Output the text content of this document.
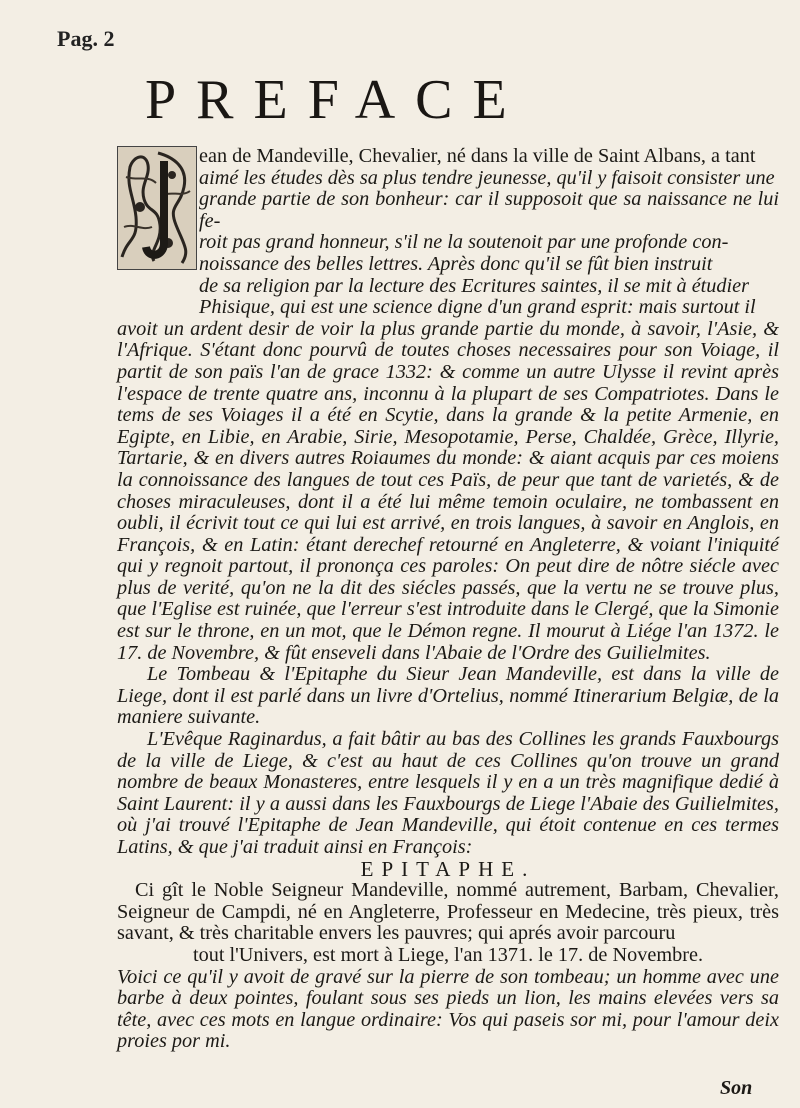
Pag. 2
PREFACE

ean de Mandeville, Chevalier, né dans la ville de Saint Albans, a tant

aimé les études dès sa plus tendre jeunesse, qu'il y faisoit consister une

grande partie de son bonheur: car il supposoit que sa naissance ne lui fe-

roit pas grand honneur, s'il ne la soutenoit par une profonde con-

noissance des belles lettres. Après donc qu'il se fût bien instruit

de sa religion par la lecture des Ecritures saintes, il se mit à étudier

Phisique, qui est une science digne d'un grand esprit: mais surtout il

avoit un ardent desir de voir la plus grande partie du monde, à savoir, l'Asie, & l'Afrique. S'étant donc pourvû de toutes choses necessaires pour son Voiage, il partit de son païs l'an de grace 1332: & comme un autre Ulysse il revint après l'espace de trente quatre ans, inconnu à la plupart de ses Compatriotes. Dans le tems de ses Voiages il a été en Scytie, dans la grande & la petite Armenie, en Egipte, en Libie, en Arabie, Sirie, Mesopotamie, Perse, Chaldée, Grèce, Illyrie, Tartarie, & en divers autres Roiaumes du monde: & aiant acquis par ces moiens la connoissance des langues de tout ces Païs, de peur que tant de varietés, & de choses miraculeuses, dont il a été lui même temoin oculaire, ne tombassent en oubli, il écrivit tout ce qui lui est arrivé, en trois langues, à savoir en Anglois, en François, & en Latin: étant derechef retourné en Angleterre, & voiant l'iniquité qui y regnoit partout, il prononça ces paroles: On peut dire de nôtre siécle avec plus de verité, qu'on ne la dit des siécles passés, que la vertu ne se trouve plus, que l'Eglise est ruinée, que l'erreur s'est introduite dans le Clergé, que la Simonie est sur le throne, en un mot, que le Démon regne. Il mourut à Liége l'an 1372. le 17. de Novembre, & fût enseveli dans l'Abaie de l'Ordre des Guilielmites.

Le Tombeau & l'Epitaphe du Sieur Jean Mandeville, est dans la ville de Liege, dont il est parlé dans un livre d'Ortelius, nommé Itinerarium Belgiæ, de la maniere suivante.

L'Evêque Raginardus, a fait bâtir au bas des Collines les grands Fauxbourgs de la ville de Liege, & c'est au haut de ces Collines qu'on trouve un grand nombre de beaux Monasteres, entre lesquels il y en a un très magnifique dedié à Saint Laurent: il y a aussi dans les Fauxbourgs de Liege l'Abaie des Guilielmites, où j'ai trouvé l'Epitaphe de Jean Mandeville, qui étoit contenue en ces termes Latins, & que j'ai traduit ainsi en François:

EPITAPHE.

Ci gît le Noble Seigneur Mandeville, nommé autrement, Barbam, Chevalier, Seigneur de Campdi, né en Angleterre, Professeur en Medecine, très pieux, très savant, & très charitable envers les pauvres; qui aprés avoir parcouru

tout l'Univers, est mort à Liege, l'an 1371. le 17. de Novembre.

Voici ce qu'il y avoit de gravé sur la pierre de son tombeau; un homme avec une barbe à deux pointes, foulant sous ses pieds un lion, les mains elevées vers sa tête, avec ces mots en langue ordinaire: Vos qui paseis sor mi, pour l'amour deix proies por mi.

Son
